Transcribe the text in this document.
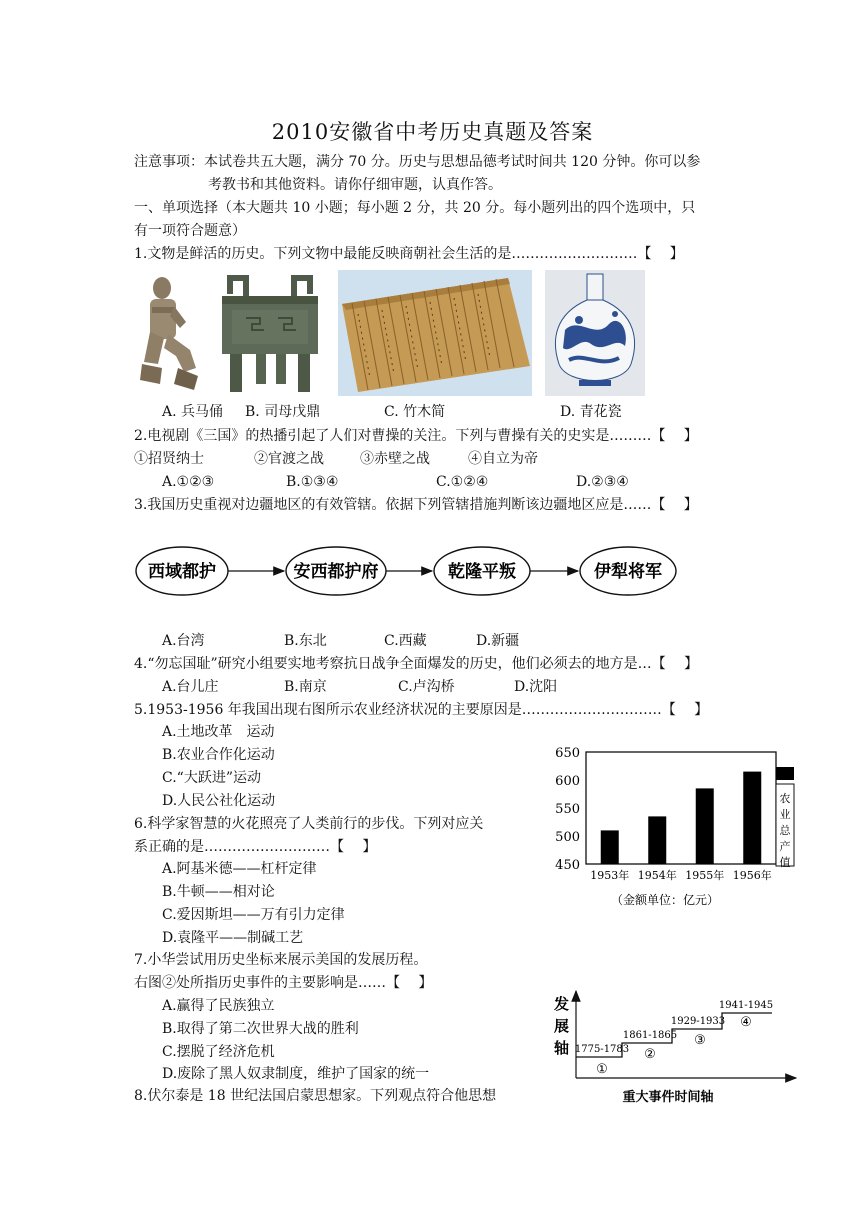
2010安徽省中考历史真题及答案
注意事项：本试卷共五大题，满分 70 分。历史与思想品德考试时间共 120 分钟。你可以参
考教书和其他资料。请你仔细审题，认真作答。
一、单项选择（本大题共 10 小题；每小题 2 分，共 20 分。每小题列出的四个选项中，只
有一项符合题意）
1.文物是鲜活的历史。下列文物中最能反映商朝社会生活的是………………………【　 】
A. 兵马俑 B. 司母戊鼎	C. 竹木简	D. 青花瓷
2.电视剧《三国》的热播引起了人们对曹操的关注。下列与曹操有关的史实是………【　 】
①招贤纳士	②官渡之战	③赤壁之战	④自立为帝
A.①②③	B.①③④	C.①②④	D.②③④
3.我国历史重视对边疆地区的有效管辖。依据下列管辖措施判断该边疆地区应是……【　 】
西域都护	安西都护府	乾隆平叛	伊犁将军
A.台湾	B.东北	C.西藏	D.新疆
4.“勿忘国耻”研究小组要实地考察抗日战争全面爆发的历史，他们必须去的地方是…【　 】
A.台儿庄	B.南京	C.卢沟桥	D.沈阳
5.1953-1956 年我国出现右图所示农业经济状况的主要原因是…………………………【　 】
A.土地改革　运动
B.农业合作化运动
C.“大跃进”运动
D.人民公社化运动
650
600
550
500
450
1953年 1954年 1955年 1956年
农
业
总
产
值
（金额单位：亿元）
6.科学家智慧的火花照亮了人类前行的步伐。下列对应关
系正确的是………………………【　 】
A.阿基米德——杠杆定律
B.牛顿——相对论
C.爱因斯坦——万有引力定律
D.袁隆平——制碱工艺
7.小华尝试用历史坐标来展示美国的发展历程。
右图②处所指历史事件的主要影响是……【　 】
A.赢得了民族独立
B.取得了第二次世界大战的胜利
C.摆脱了经济危机
D.废除了黑人奴隶制度，维护了国家的统一
发
展
轴 1775-1783
①
1861-1865
②
1929-1933
③
1941-1945
④
重大事件时间轴
8.伏尔泰是 18 世纪法国启蒙思想家。下列观点符合他思想
